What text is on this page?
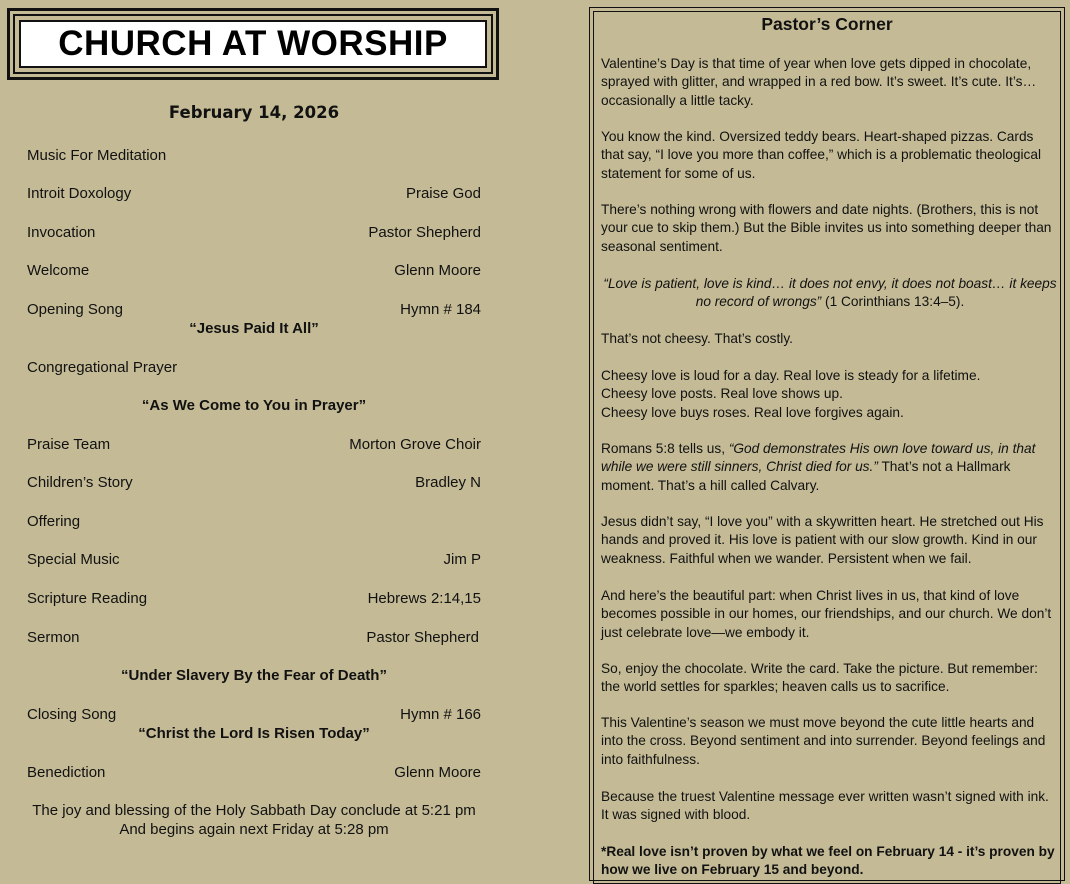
CHURCH AT WORSHIP
February 14, 2026
Music For Meditation
Introit Doxology	Praise God
Invocation	Pastor Shepherd
Welcome	Glenn Moore
Opening Song	Hymn # 184
“Jesus Paid It All”
Congregational Prayer
“As We Come to You in Prayer”
Praise Team	Morton Grove Choir
Children’s Story	Bradley N
Offering
Special Music	Jim P
Scripture Reading	Hebrews 2:14,15
Sermon	Pastor Shepherd
“Under Slavery By the Fear of Death”
Closing Song	Hymn # 166
“Christ the Lord Is Risen Today”
Benediction	Glenn Moore
The joy and blessing of the Holy Sabbath Day conclude at 5:21 pm
And begins again next Friday at 5:28 pm
Pastor’s Corner
Valentine’s Day is that time of year when love gets dipped in chocolate, sprayed with glitter, and wrapped in a red bow. It’s sweet. It’s cute. It’s… occasionally a little tacky.
You know the kind. Oversized teddy bears. Heart-shaped pizzas. Cards that say, “I love you more than coffee,” which is a problematic theological statement for some of us.
There’s nothing wrong with flowers and date nights. (Brothers, this is not your cue to skip them.) But the Bible invites us into something deeper than seasonal sentiment.
“Love is patient, love is kind… it does not envy, it does not boast… it keeps no record of wrongs” (1 Corinthians 13:4–5).
That’s not cheesy. That’s costly.
Cheesy love is loud for a day. Real love is steady for a lifetime.
Cheesy love posts. Real love shows up.
Cheesy love buys roses. Real love forgives again.
Romans 5:8 tells us, “God demonstrates His own love toward us, in that while we were still sinners, Christ died for us.” That’s not a Hallmark moment. That’s a hill called Calvary.
Jesus didn’t say, “I love you” with a skywritten heart. He stretched out His hands and proved it. His love is patient with our slow growth. Kind in our weakness. Faithful when we wander. Persistent when we fail.
And here’s the beautiful part: when Christ lives in us, that kind of love becomes possible in our homes, our friendships, and our church. We don’t just celebrate love—we embody it.
So, enjoy the chocolate. Write the card. Take the picture. But remember: the world settles for sparkles; heaven calls us to sacrifice.
This Valentine’s season we must move beyond the cute little hearts and into the cross. Beyond sentiment and into surrender. Beyond feelings and into faithfulness.
Because the truest Valentine message ever written wasn’t signed with ink. It was signed with blood.
*Real love isn’t proven by what we feel on February 14 - it’s proven by how we live on February 15 and beyond.
